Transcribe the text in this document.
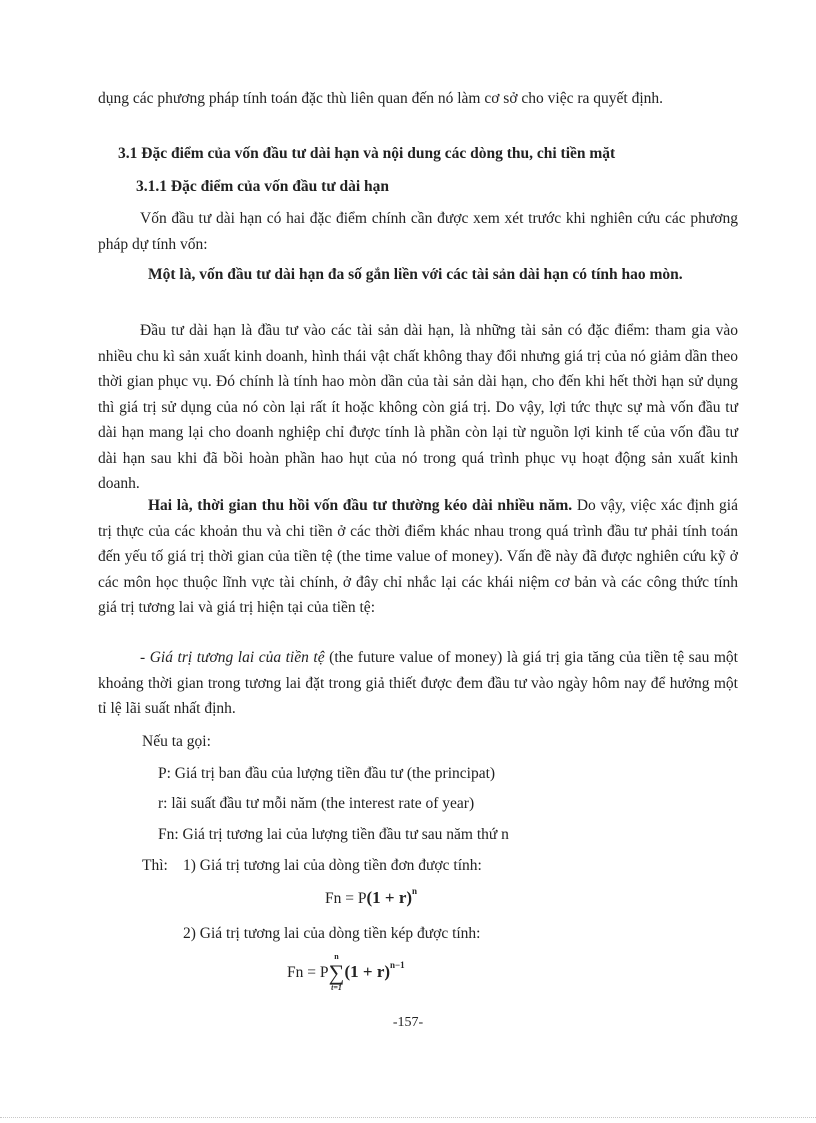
dụng các phương pháp tính toán đặc thù liên quan đến nó làm cơ sở cho việc ra quyết định.

3.1 Đặc điểm của vốn đầu tư dài hạn và nội dung các dòng thu, chi tiền mặt
3.1.1 Đặc điểm của vốn đầu tư dài hạn

Vốn đầu tư dài hạn có hai đặc điểm chính cần được xem xét trước khi nghiên cứu các phương pháp dự tính vốn:

Một là, vốn đầu tư dài hạn đa số gắn liền với các tài sản dài hạn có tính hao mòn.

Đầu tư dài hạn là đầu tư vào các tài sản dài hạn, là những tài sản có đặc điểm: tham gia vào nhiều chu kì sản xuất kinh doanh, hình thái vật chất không thay đổi nhưng giá trị của nó giảm dần theo thời gian phục vụ. Đó chính là tính hao mòn dần của tài sản dài hạn, cho đến khi hết thời hạn sử dụng thì giá trị sử dụng của nó còn lại rất ít hoặc không còn giá trị. Do vậy, lợi tức thực sự mà vốn đầu tư dài hạn mang lại cho doanh nghiệp chỉ được tính là phần còn lại từ nguồn lợi kinh tế của vốn đầu tư dài hạn sau khi đã bồi hoàn phần hao hụt của nó trong quá trình phục vụ hoạt động sản xuất kinh doanh.

Hai là, thời gian thu hồi vốn đầu tư thường kéo dài nhiều năm. Do vậy, việc xác định giá trị thực của các khoản thu và chi tiền ở các thời điểm khác nhau trong quá trình đầu tư phải tính toán đến yếu tố giá trị thời gian của tiền tệ (the time value of money). Vấn đề này đã được nghiên cứu kỹ ở các môn học thuộc lĩnh vực tài chính, ở đây chỉ nhắc lại các khái niệm cơ bản và các công thức tính giá trị tương lai và giá trị hiện tại của tiền tệ:

- Giá trị tương lai của tiền tệ (the future value of money) là giá trị gia tăng của tiền tệ sau một khoảng thời gian trong tương lai đặt trong giả thiết được đem đầu tư vào ngày hôm nay để hưởng một tỉ lệ lãi suất nhất định.

Nếu ta gọi:
P: Giá trị ban đầu của lượng tiền đầu tư (the principat)
r: lãi suất đầu tư mỗi năm (the interest rate of year)
Fn: Giá trị tương lai của lượng tiền đầu tư sau năm thứ n
Thì: 1) Giá trị tương lai của dòng tiền đơn được tính:
$Fn = P(1 + r)^n$
2) Giá trị tương lai của dòng tiền kép được tính:
Fn = P
n
∑
t=1
$(1 + r)^{n-1}$
-157-
